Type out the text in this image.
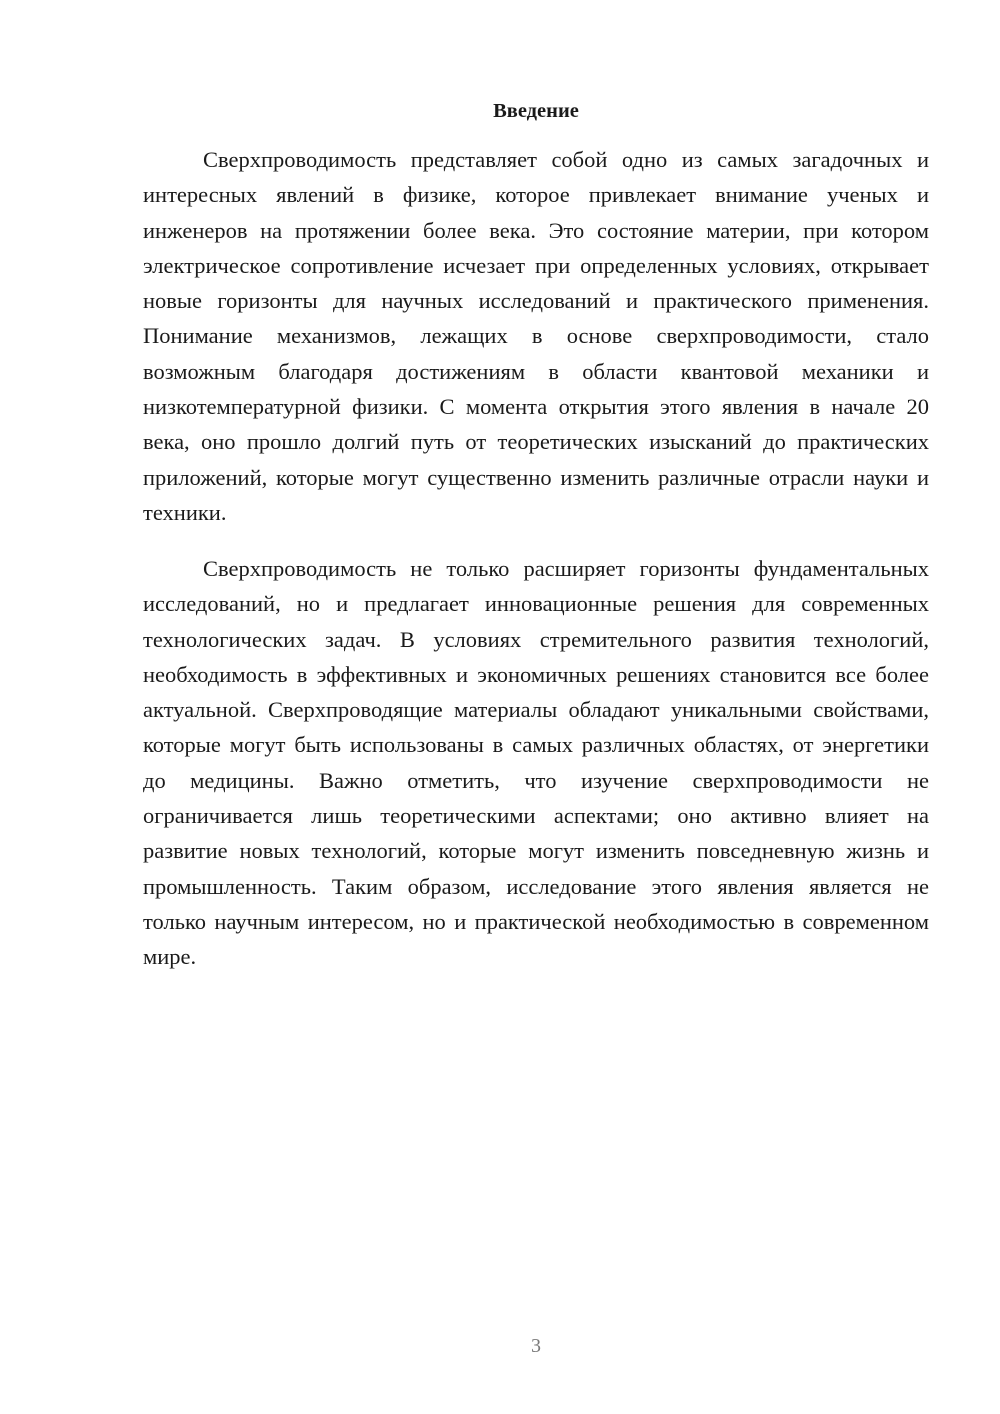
Введение

Сверхпроводимость представляет собой одно из самых загадочных и интересных явлений в физике, которое привлекает внимание ученых и инженеров на протяжении более века. Это состояние материи, при котором электрическое сопротивление исчезает при определенных условиях, открывает новые горизонты для научных исследований и практического применения. Понимание механизмов, лежащих в основе сверхпроводимости, стало возможным благодаря достижениям в области квантовой механики и низкотемпературной физики. С момента открытия этого явления в начале 20 века, оно прошло долгий путь от теоретических изысканий до практических приложений, которые могут существенно изменить различные отрасли науки и техники.

Сверхпроводимость не только расширяет горизонты фундаментальных исследований, но и предлагает инновационные решения для современных технологических задач. В условиях стремительного развития технологий, необходимость в эффективных и экономичных решениях становится все более актуальной. Сверхпроводящие материалы обладают уникальными свойствами, которые могут быть использованы в самых различных областях, от энергетики до медицины. Важно отметить, что изучение сверхпроводимости не ограничивается лишь теоретическими аспектами; оно активно влияет на развитие новых технологий, которые могут изменить повседневную жизнь и промышленность. Таким образом, исследование этого явления является не только научным интересом, но и практической необходимостью в современном мире.

3
